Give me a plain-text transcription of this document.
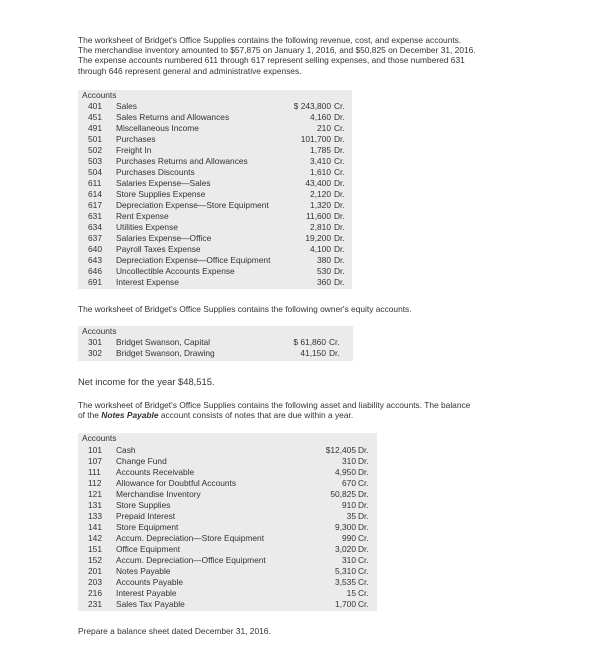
The worksheet of Bridget's Office Supplies contains the following revenue, cost, and expense accounts.
The merchandise inventory amounted to $57,875 on January 1, 2016, and $50,825 on December 31, 2016.
The expense accounts numbered 611 through 617 represent selling expenses, and those numbered 631
through 646 represent general and administrative expenses.
Accounts
401 Sales	$ 243,800 Cr.
451 Sales Returns and Allowances	4,160 Dr.
491 Miscellaneous Income	210 Cr.
501 Purchases	101,700 Dr.
502 Freight In	1,785 Dr.
503 Purchases Returns and Allowances	3,410 Cr.
504 Purchases Discounts	1,610 Cr.
611 Salaries Expense—Sales	43,400 Dr.
614 Store Supplies Expense	2,120 Dr.
617 Depreciation Expense—Store Equipment	1,320 Dr.
631 Rent Expense	11,600 Dr.
634 Utilities Expense	2,810 Dr.
637 Salaries Expense—Office	19,200 Dr.
640 Payroll Taxes Expense	4,100 Dr.
643 Depreciation Expense—Office Equipment	380 Dr.
646 Uncollectible Accounts Expense	530 Dr.
691 Interest Expense	360 Dr.
The worksheet of Bridget's Office Supplies contains the following owner's equity accounts.
Accounts
301 Bridget Swanson, Capital	$ 61,860 Cr.
302 Bridget Swanson, Drawing	41,150 Dr.
Net income for the year $48,515.
The worksheet of Bridget's Office Supplies contains the following asset and liability accounts. The balance
of the Notes Payable account consists of notes that are due within a year.
Accounts
101 Cash	$12,405 Dr.
107 Change Fund	310 Dr.
111 Accounts Receivable	4,950 Dr.
112 Allowance for Doubtful Accounts	670 Cr.
121 Merchandise Inventory	50,825 Dr.
131 Store Supplies	910 Dr.
133 Prepaid Interest	35 Dr.
141 Store Equipment	9,300 Dr.
142 Accum. Depreciation—Store Equipment	990 Cr.
151 Office Equipment	3,020 Dr.
152 Accum. Depreciation—Office Equipment	310 Cr.
201 Notes Payable	5,310 Cr.
203 Accounts Payable	3,535 Cr.
216 Interest Payable	15 Cr.
231 Sales Tax Payable	1,700 Cr.
Prepare a balance sheet dated December 31, 2016.
